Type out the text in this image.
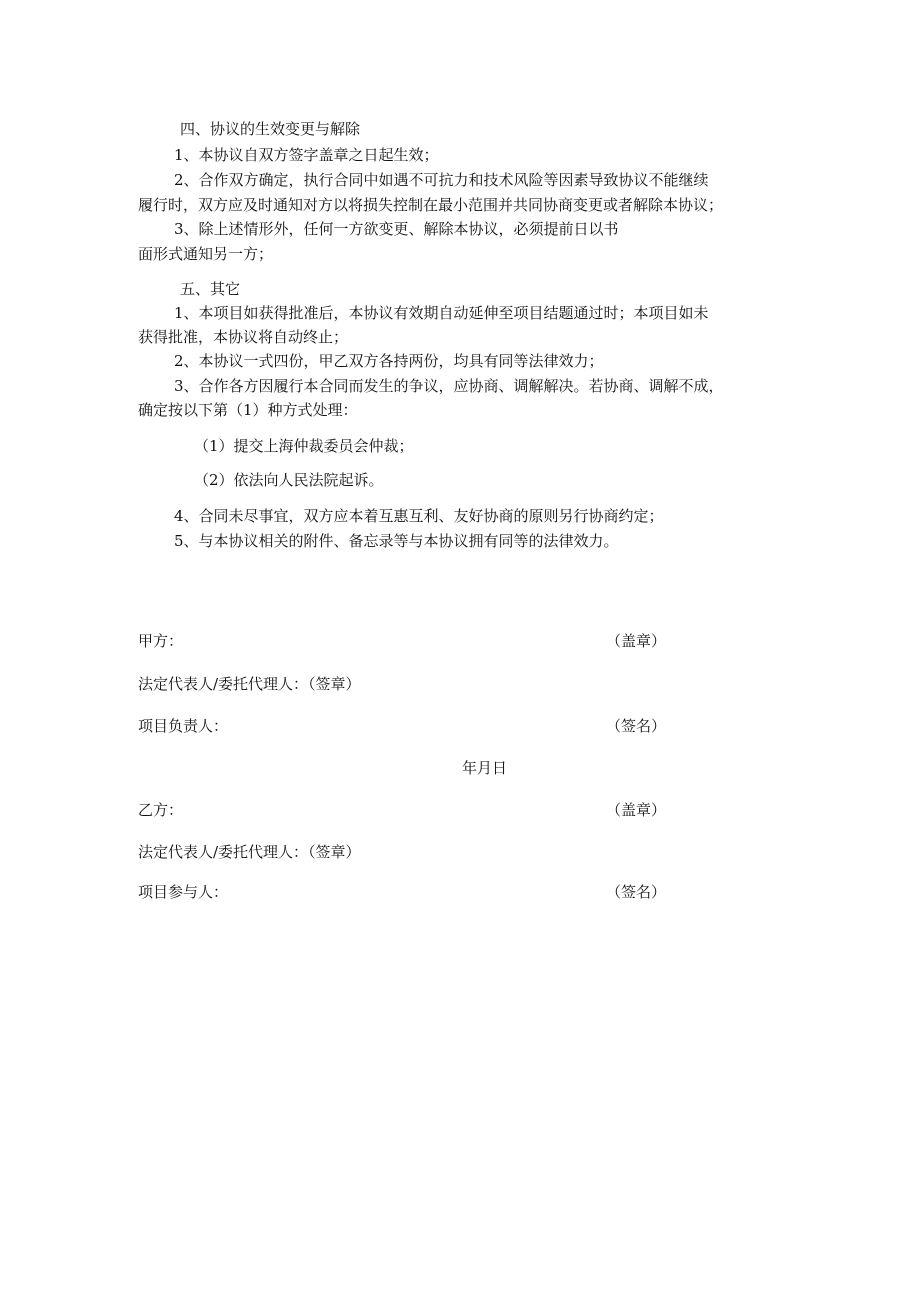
四、协议的生效变更与解除
1、本协议自双方签字盖章之日起生效；
2、合作双方确定，执行合同中如遇不可抗力和技术风险等因素导致协议不能继续
履行时，双方应及时通知对方以将损失控制在最小范围并共同协商变更或者解除本协议；
3、除上述情形外，任何一方欲变更、解除本协议，必须提前日以书
面形式通知另一方；
五、其它
1、本项目如获得批准后，本协议有效期自动延伸至项目结题通过时；本项目如未
获得批准，本协议将自动终止；
2、本协议一式四份，甲乙双方各持两份，均具有同等法律效力；
3、合作各方因履行本合同而发生的争议，应协商、调解解决。若协商、调解不成，
确定按以下第（1）种方式处理：
（1）提交上海仲裁委员会仲裁；
（2）依法向人民法院起诉。
4、合同未尽事宜，双方应本着互惠互利、友好协商的原则另行协商约定；
5、与本协议相关的附件、备忘录等与本协议拥有同等的法律效力。
甲方：	（盖章）
法定代表人/委托代理人：（签章）
项目负责人：	（签名）
年月日
乙方：	（盖章）
法定代表人/委托代理人：（签章）
项目参与人：	（签名）
